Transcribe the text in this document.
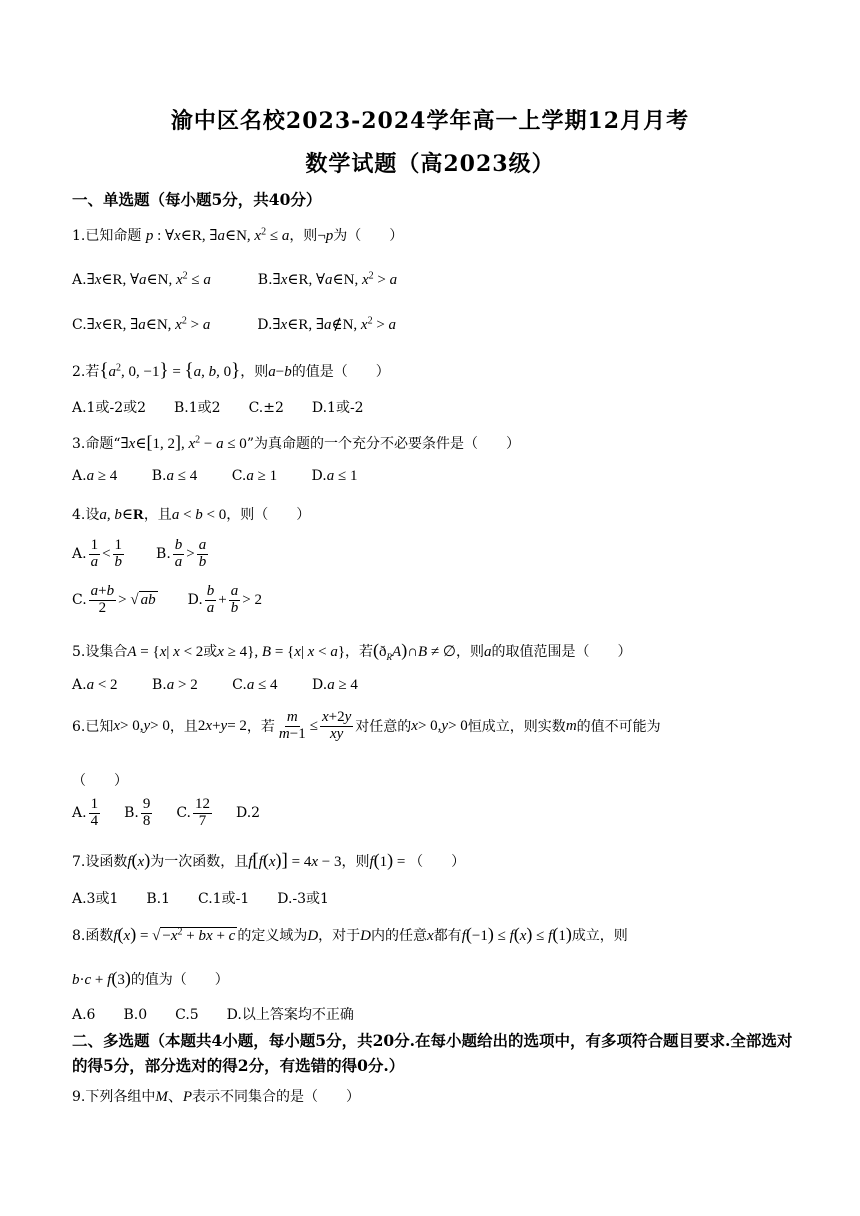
渝中区名校2023-2024学年高一上学期12月月考
数学试题（高2023级）
一、单选题（每小题5分，共40分）
1.已知命题 p : ∀x∈R, ∃a∈N, $x^2 \le a$，则¬p为（　　）
A.∃x∈R, ∀a∈N, $x^2 \le a$	B.∃x∈R, ∀a∈N, $x^2 > a$
C.∃x∈R, ∃a∈N, $x^2 > a$	D.∃x∈R, ∃a∉N, $x^2 > a$
2.若{$a^2$, 0, −1} = {a, b, 0}，则a−b的值是（　　）
A.1或-2或2　　B.1或2　　C.±2　　D.1或-2
3.命题“∃x∈[1, 2], $x^2 - a \le 0$”为真命题的一个充分不必要条件是（　　）
A.a ≥ 4 B.a ≤ 4 C.a ≥ 1 D.a ≤ 1
4.设a, b∈R，且a < b < 0，则（　　）
A. $\frac{1}{a} < \frac{1}{b} B$. $\frac{b}{a} > \frac{a}{b}$
C. $\frac{a+b}{2}$ > √ ab D. $\frac{b}{a} + \frac{a}{b} > 2$
5.设集合A = {x| x < 2或x ≥ 4}, B = {x| x < a}，若$(ð_RA)\cap B$ ≠ ∅，则a的取值范围是（　　）
A.a < 2 B.a > 2 C.a ≤ 4 D.a ≥ 4
6.已知 x > 0, y > 0 ，且 2 x + y = 2 ，若 $\frac{m}{m-1} \le \frac{x+2y}{xy}$ 对任意的 x > 0, y > 0 恒成立，则实数 m 的值不可能为
（　　）
A. $\frac{1}{4} B$. $\frac{9}{8} C$. $\frac{12}{7} D.2$
7.设函数f(x)为一次函数，且f[f(x)] = 4x − 3，则f(1) = （　　）
A.3或1　　B.1　　C.1或-1　　D.-3或1
8.函数f(x) = √ $-x^2$ + bx + c 的定义域为D，对于D内的任意x都有f(−1) ≤ f(x) ≤ f(1)成立，则
b·c + f(3)的值为（　　）
A.6　　B.0　　C.5　　D.以上答案均不正确
二、多选题（本题共4小题，每小题5分，共20分.在每小题给出的选项中，有多项符合题目要求.全部选对的得5分，部分选对的得2分，有选错的得0分.）
9.下列各组中M、P表示不同集合的是（　　）
